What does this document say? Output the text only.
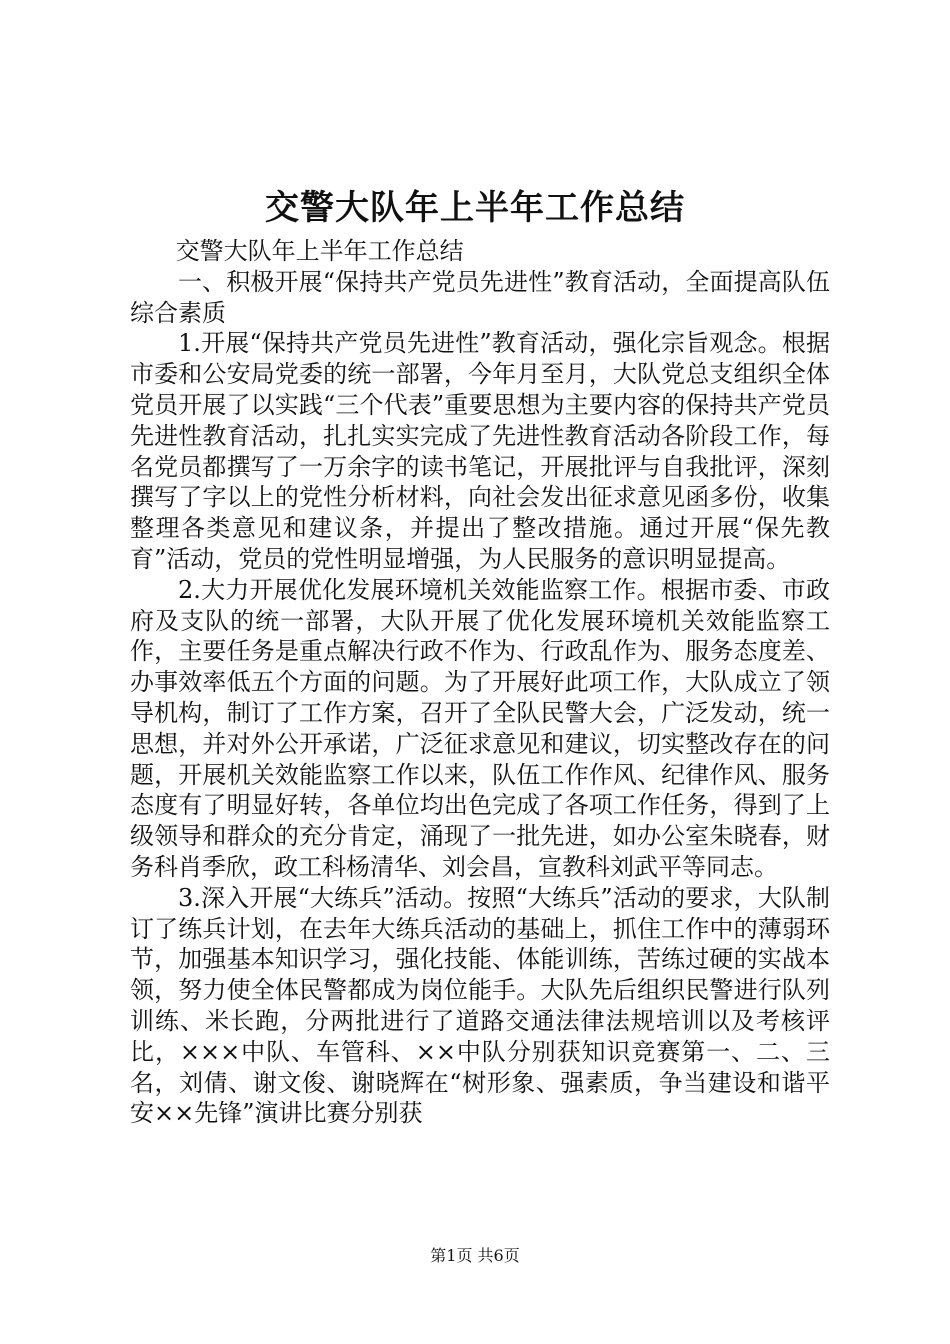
交警大队年上半年工作总结

交警大队年上半年工作总结

一、积极开展“保持共产党员先进性”教育活动，全面提高队伍综合素质

1.开展“保持共产党员先进性”教育活动，强化宗旨观念。根据市委和公安局党委的统一部署，今年月至月，大队党总支组织全体党员开展了以实践“三个代表”重要思想为主要内容的保持共产党员先进性教育活动，扎扎实实完成了先进性教育活动各阶段工作，每名党员都撰写了一万余字的读书笔记，开展批评与自我批评，深刻撰写了字以上的党性分析材料，向社会发出征求意见函多份，收集整理各类意见和建议条，并提出了整改措施。通过开展“保先教育”活动，党员的党性明显增强，为人民服务的意识明显提高。

2.大力开展优化发展环境机关效能监察工作。根据市委、市政府及支队的统一部署，大队开展了优化发展环境机关效能监察工作，主要任务是重点解决行政不作为、行政乱作为、服务态度差、办事效率低五个方面的问题。为了开展好此项工作，大队成立了领导机构，制订了工作方案，召开了全队民警大会，广泛发动，统一思想，并对外公开承诺，广泛征求意见和建议，切实整改存在的问题，开展机关效能监察工作以来，队伍工作作风、纪律作风、服务态度有了明显好转，各单位均出色完成了各项工作任务，得到了上级领导和群众的充分肯定，涌现了一批先进，如办公室朱晓春，财务科肖季欣，政工科杨清华、刘会昌，宣教科刘武平等同志。

3.深入开展“大练兵”活动。按照“大练兵”活动的要求，大队制订了练兵计划，在去年大练兵活动的基础上，抓住工作中的薄弱环节，加强基本知识学习，强化技能、体能训练，苦练过硬的实战本领，努力使全体民警都成为岗位能手。大队先后组织民警进行队列训练、米长跑，分两批进行了道路交通法律法规培训以及考核评比，×××中队、车管科、××中队分别获知识竞赛第一、二、三名，刘倩、谢文俊、谢晓辉在“树形象、强素质，争当建设和谐平安××先锋”演讲比赛分别获

第1页 共6页
